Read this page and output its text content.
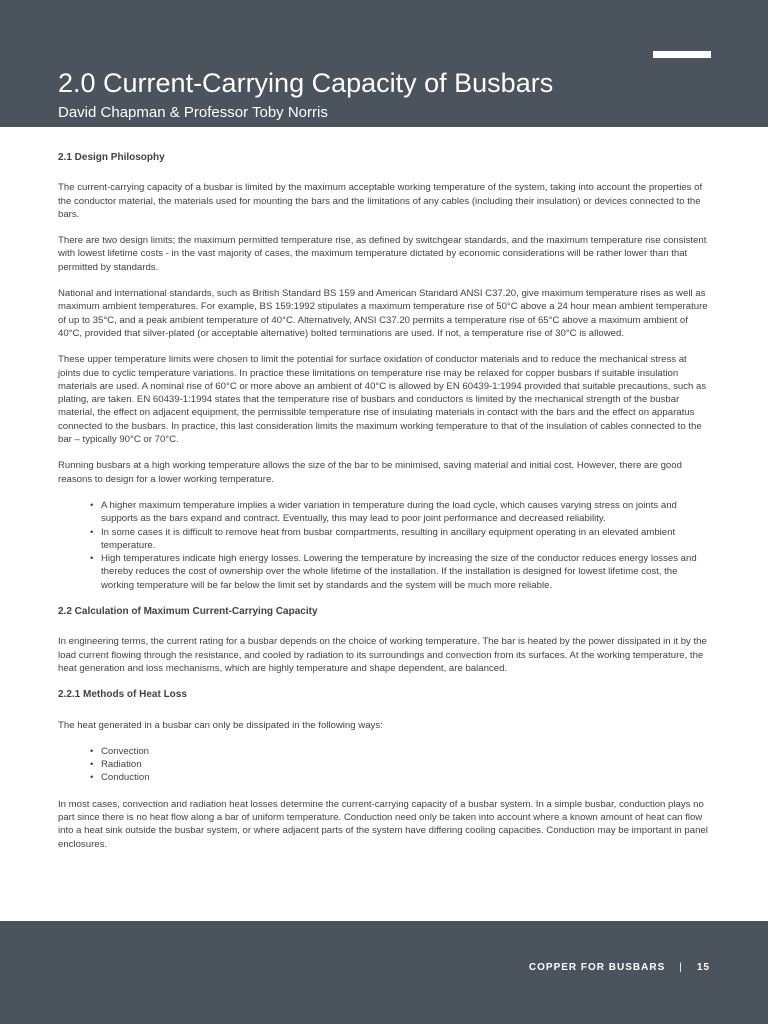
2.0 Current-Carrying Capacity of Busbars

David Chapman & Professor Toby Norris

2.1 Design Philosophy

The current-carrying capacity of a busbar is limited by the maximum acceptable working temperature of the system, taking into account the properties of the conductor material, the materials used for mounting the bars and the limitations of any cables (including their insulation) or devices connected to the bars.

There are two design limits; the maximum permitted temperature rise, as defined by switchgear standards, and the maximum temperature rise consistent with lowest lifetime costs - in the vast majority of cases, the maximum temperature dictated by economic considerations will be rather lower than that permitted by standards.

National and international standards, such as British Standard BS 159 and American Standard ANSI C37.20, give maximum temperature rises as well as maximum ambient temperatures. For example, BS 159:1992 stipulates a maximum temperature rise of 50°C above a 24 hour mean ambient temperature of up to 35°C, and a peak ambient temperature of 40°C. Alternatively, ANSI C37.20 permits a temperature rise of 65°C above a maximum ambient of 40°C, provided that silver-plated (or acceptable alternative) bolted terminations are used. If not, a temperature rise of 30°C is allowed.

These upper temperature limits were chosen to limit the potential for surface oxidation of conductor materials and to reduce the mechanical stress at joints due to cyclic temperature variations. In practice these limitations on temperature rise may be relaxed for copper busbars if suitable insulation materials are used. A nominal rise of 60°C or more above an ambient of 40°C is allowed by EN 60439-1:1994 provided that suitable precautions, such as plating, are taken. EN 60439-1:1994 states that the temperature rise of busbars and conductors is limited by the mechanical strength of the busbar material, the effect on adjacent equipment, the permissible temperature rise of insulating materials in contact with the bars and the effect on apparatus connected to the busbars. In practice, this last consideration limits the maximum working temperature to that of the insulation of cables connected to the bar – typically 90°C or 70°C.

Running busbars at a high working temperature allows the size of the bar to be minimised, saving material and initial cost. However, there are good reasons to design for a lower working temperature.

• A higher maximum temperature implies a wider variation in temperature during the load cycle, which causes varying stress on joints and supports as the bars expand and contract. Eventually, this may lead to poor joint performance and decreased reliability.
• In some cases it is difficult to remove heat from busbar compartments, resulting in ancillary equipment operating in an elevated ambient temperature.
• High temperatures indicate high energy losses. Lowering the temperature by increasing the size of the conductor reduces energy losses and thereby reduces the cost of ownership over the whole lifetime of the installation. If the installation is designed for lowest lifetime cost, the working temperature will be far below the limit set by standards and the system will be much more reliable.
2.2 Calculation of Maximum Current-Carrying Capacity

In engineering terms, the current rating for a busbar depends on the choice of working temperature. The bar is heated by the power dissipated in it by the load current flowing through the resistance, and cooled by radiation to its surroundings and convection from its surfaces. At the working temperature, the heat generation and loss mechanisms, which are highly temperature and shape dependent, are balanced.

2.2.1 Methods of Heat Loss

The heat generated in a busbar can only be dissipated in the following ways:

• Convection
• Radiation
• Conduction

In most cases, convection and radiation heat losses determine the current-carrying capacity of a busbar system. In a simple busbar, conduction plays no part since there is no heat flow along a bar of uniform temperature. Conduction need only be taken into account where a known amount of heat can flow into a heat sink outside the busbar system, or where adjacent parts of the system have differing cooling capacities. Conduction may be important in panel enclosures.

COPPER FOR BUSBARS | 15
